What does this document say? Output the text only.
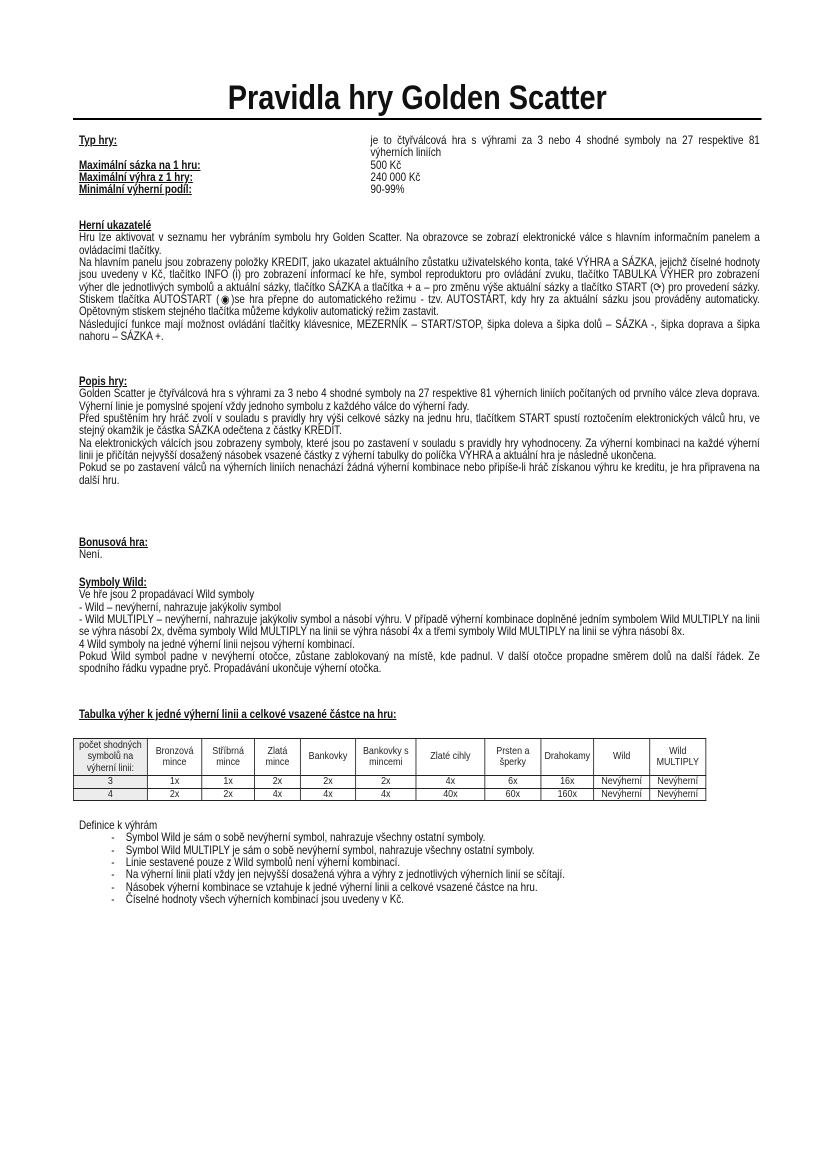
Pravidla hry Golden Scatter
Typ hry:	je to čtyřválcová hra s výhrami za 3 nebo 4 shodné symboly na 27 respektive 81 výherních liniích
Maximální sázka na 1 hru:	500 Kč
Maximální výhra z 1 hry:	240 000 Kč
Minimální výherní podíl:	90-99%

Herní ukazatelé

Hru lze aktivovat v seznamu her vybráním symbolu hry Golden Scatter. Na obrazovce se zobrazí elektronické válce s hlavním informačním panelem a ovládacími tlačítky.

Na hlavním panelu jsou zobrazeny položky KREDIT, jako ukazatel aktuálního zůstatku uživatelského konta, také VÝHRA a SÁZKA, jejichž číselné hodnoty jsou uvedeny v Kč, tlačítko INFO (i) pro zobrazení informací ke hře, symbol reproduktoru pro ovládání zvuku, tlačítko TABULKA VÝHER pro zobrazení výher dle jednotlivých symbolů a aktuální sázky, tlačítko SÁZKA a tlačítka + a – pro změnu výše aktuální sázky a tlačítko START (⟳) pro provedení sázky. Stiskem tlačítka AUTOSTART (◉)se hra přepne do automatického režimu - tzv. AUTOSTART, kdy hry za aktuální sázku jsou prováděny automaticky. Opětovným stiskem stejného tlačítka můžeme kdykoliv automatický režim zastavit.

Následující funkce mají možnost ovládání tlačítky klávesnice, MEZERNÍK – START/STOP, šipka doleva a šipka dolů – SÁZKA -, šipka doprava a šipka nahoru – SÁZKA +.

Popis hry:

Golden Scatter je čtyřválcová hra s výhrami za 3 nebo 4 shodné symboly na 27 respektive 81 výherních liniích počítaných od prvního válce zleva doprava. Výherní linie je pomyslné spojení vždy jednoho symbolu z každého válce do výherní řady.

Před spuštěním hry hráč zvolí v souladu s pravidly hry výši celkové sázky na jednu hru, tlačítkem START spustí roztočením elektronických válců hru, ve stejný okamžik je částka SÁZKA odečtena z částky KREDIT.

Na elektronických válcích jsou zobrazeny symboly, které jsou po zastavení v souladu s pravidly hry vyhodnoceny. Za výherní kombinaci na každé výherní linii je přičítán nejvyšší dosažený násobek vsazené částky z výherní tabulky do políčka VÝHRA a aktuální hra je následně ukončena.

Pokud se po zastavení válců na výherních liniích nenachází žádná výherní kombinace nebo připíše-li hráč získanou výhru ke kreditu, je hra připravena na další hru.

Bonusová hra:

Není.

Symboly Wild:

Ve hře jsou 2 propadávací Wild symboly

- Wild – nevýherní, nahrazuje jakýkoliv symbol

- Wild MULTIPLY – nevýherní, nahrazuje jakýkoliv symbol a násobí výhru. V případě výherní kombinace doplněné jedním symbolem Wild MULTIPLY na linii se výhra násobí 2x, dvěma symboly Wild MULTIPLY na linii se výhra násobí 4x a třemi symboly Wild MULTIPLY na linii se výhra násobí 8x.

4 Wild symboly na jedné výherní linii nejsou výherní kombinací.

Pokud Wild symbol padne v nevýherní otočce, zůstane zablokovaný na místě, kde padnul. V další otočce propadne směrem dolů na další řádek. Ze spodního řádku vypadne pryč. Propadávání ukončuje výherní otočka.

Tabulka výher k jedné výherní linii a celkové vsazené částce na hru:

počet shodných symbolů na výherní linii:	Bronzová mince	Stříbrná mince	Zlatá mince	Bankovky	Bankovky s mincemi	Zlaté cihly	Prsten a šperky	Drahokamy	Wild	Wild MULTIPLY
3	1x	1x	2x	2x	2x	4x	6x	16x	Nevýherní	Nevýherní
4	2x	2x	4x	4x	4x	40x	60x	160x	Nevýherní	Nevýherní

Definice k výhrám

- Symbol Wild je sám o sobě nevýherní symbol, nahrazuje všechny ostatní symboly.
- Symbol Wild MULTIPLY je sám o sobě nevýherní symbol, nahrazuje všechny ostatní symboly.
- Linie sestavené pouze z Wild symbolů není výherní kombinací.
- Na výherní linii platí vždy jen nejvyšší dosažená výhra a výhry z jednotlivých výherních linií se sčítají.
- Násobek výherní kombinace se vztahuje k jedné výherní linii a celkové vsazené částce na hru.
- Číselné hodnoty všech výherních kombinací jsou uvedeny v Kč.
